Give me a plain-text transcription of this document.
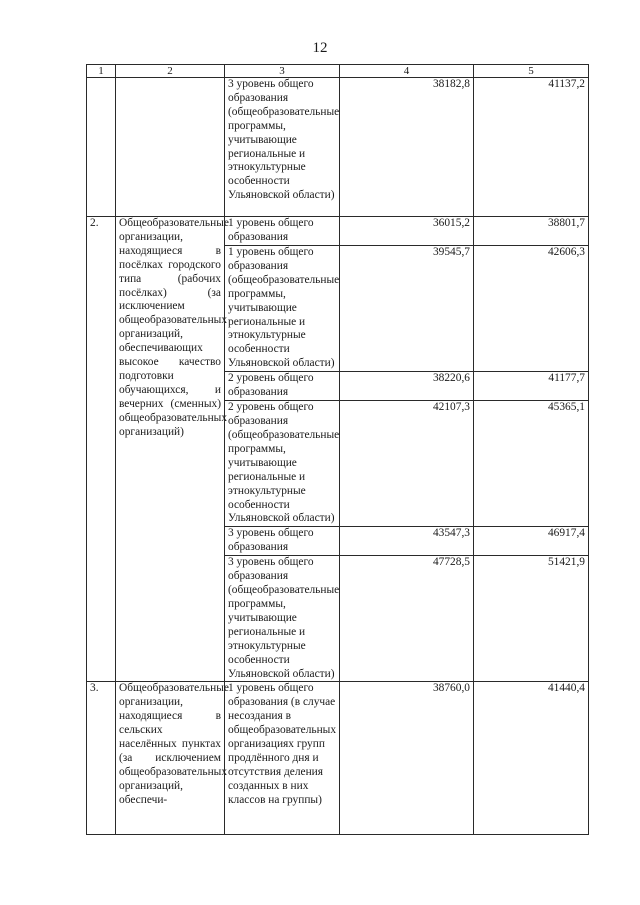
12
1	2	3	4	5
		3 уровень общего образования (общеобразовательные программы, учитывающие региональные и этнокультурные особенности Ульяновской области)	38182,8	41137,2
2.	Общеобразовательные организации, находящиеся в посёлках городского типа (рабочих посёлках) (за исключением общеобразовательных организаций, обеспечивающих высокое качество подготовки обучающихся, и вечерних (сменных) общеобразовательных организаций)	1 уровень общего образования	36015,2	38801,7
		1 уровень общего образования (общеобразовательные программы, учитывающие региональные и этнокультурные особенности Ульяновской области)	39545,7	42606,3
		2 уровень общего образования	38220,6	41177,7
		2 уровень общего образования (общеобразовательные программы, учитывающие региональные и этнокультурные особенности Ульяновской области)	42107,3	45365,1
		3 уровень общего образования	43547,3	46917,4
		3 уровень общего образования (общеобразовательные программы, учитывающие региональные и этнокультурные особенности Ульяновской области)	47728,5	51421,9
3.	Общеобразовательные организации, находящиеся в сельских населённых пунктах (за исключением общеобразовательных организаций, обеспечи-	1 уровень общего образования (в случае несоздания в общеобразовательных организациях групп продлённого дня и отсутствия деления созданных в них классов на группы)	38760,0	41440,4
